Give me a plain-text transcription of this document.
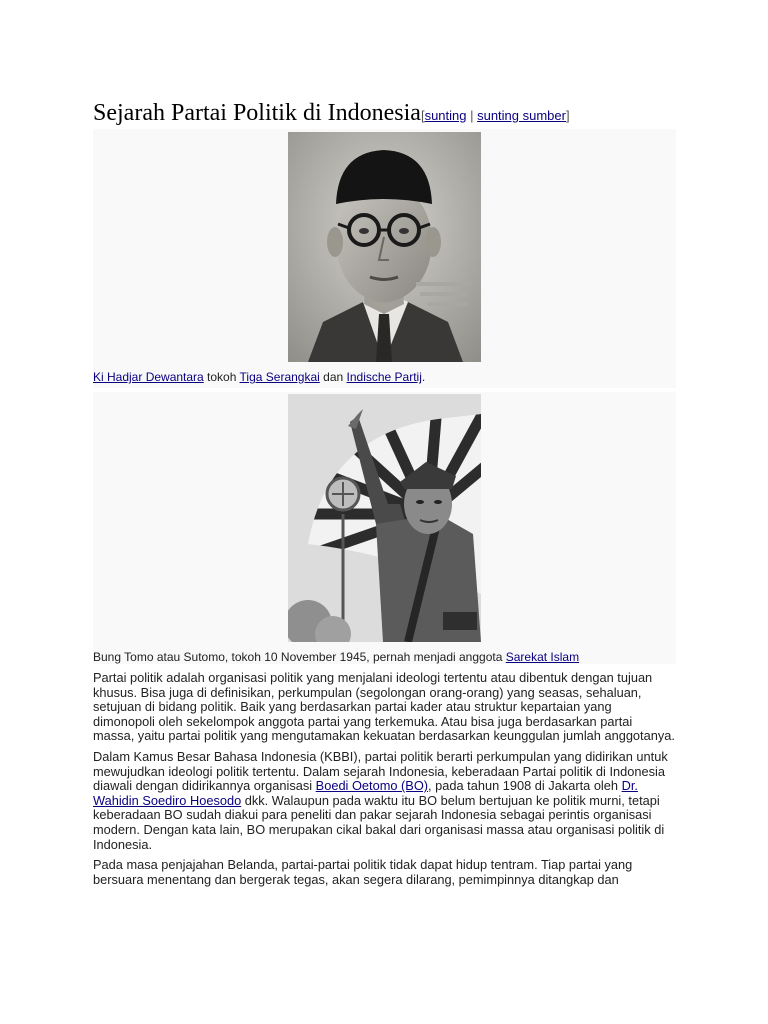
Sejarah Partai Politik di Indonesia[sunting | sunting sumber]
Ki Hadjar Dewantara tokoh Tiga Serangkai dan Indische Partij.
Bung Tomo atau Sutomo, tokoh 10 November 1945, pernah menjadi anggota Sarekat Islam

Partai politik adalah organisasi politik yang menjalani ideologi tertentu atau dibentuk dengan tujuan khusus. Bisa juga di definisikan, perkumpulan (segolongan orang-orang) yang seasas, sehaluan, setujuan di bidang politik. Baik yang berdasarkan partai kader atau struktur kepartaian yang dimonopoli oleh sekelompok anggota partai yang terkemuka. Atau bisa juga berdasarkan partai massa, yaitu partai politik yang mengutamakan kekuatan berdasarkan keunggulan jumlah anggotanya.

Dalam Kamus Besar Bahasa Indonesia (KBBI), partai politik berarti perkumpulan yang didirikan untuk mewujudkan ideologi politik tertentu. Dalam sejarah Indonesia, keberadaan Partai politik di Indonesia diawali dengan didirikannya organisasi Boedi Oetomo (BO), pada tahun 1908 di Jakarta oleh Dr. Wahidin Soedirо Hoesodo dkk. Walaupun pada waktu itu BO belum bertujuan ke politik murni, tetapi keberadaan BO sudah diakui para peneliti dan pakar sejarah Indonesia sebagai perintis organisasi modern. Dengan kata lain, BO merupakan cikal bakal dari organisasi massa atau organisasi politik di Indonesia.

Pada masa penjajahan Belanda, partai-partai politik tidak dapat hidup tentram. Tiap partai yang bersuara menentang dan bergerak tegas, akan segera dilarang, pemimpinnya ditangkap dan
